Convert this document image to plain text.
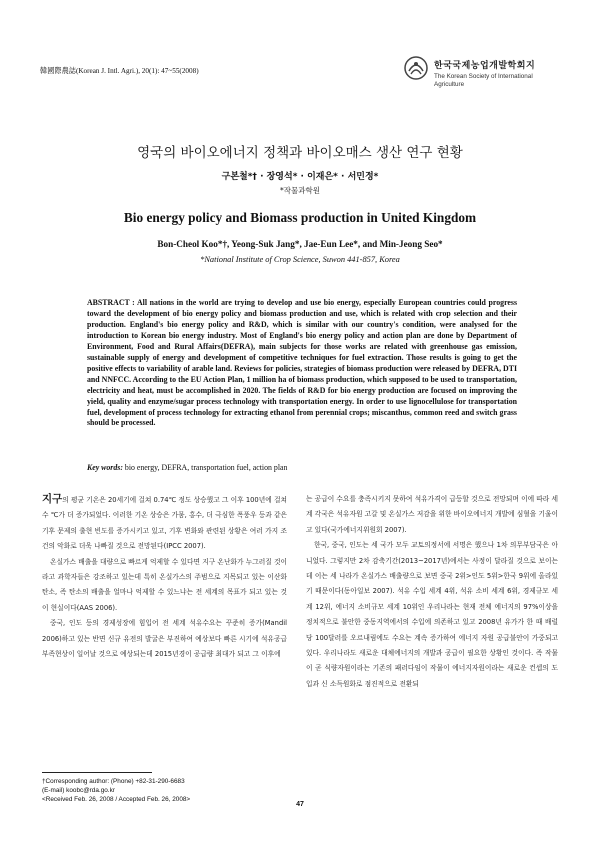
韓國際農誌(Korean J. Intl. Agri.), 20(1): 47~55(2008)	한국국제농업개발학회지
The Korean Society of International
Agriculture
영국의 바이오에너지 정책과 바이오매스 생산 연구 현황
구본철*† · 장영석* · 이재은* · 서민정*
*작물과학원
Bio energy policy and Biomass production in United Kingdom
Bon-Cheol Koo*†, Yeong-Suk Jang*, Jae-Eun Lee*, and Min-Jeong Seo*
*National Institute of Crop Science, Suwon 441-857, Korea
ABSTRACT : All nations in the world are trying to develop and use bio energy, especially European countries could progress toward the development of bio energy policy and biomass production and use, which is related with crop selection and their production. England's bio energy policy and R&D, which is similar with our country's condition, were analysed for the introduction to Korean bio energy industry. Most of England's bio energy policy and action plan are done by Department of Environment, Food and Rural Affairs(DEFRA), main subjects for those works are related with greenhouse gas emission, sustainable supply of energy and development of competitive techniques for fuel extraction. Those results is going to get the positive effects to variability of arable land. Reviews for policies, strategies of biomass production were released by DEFRA, DTI and NNFCC. According to the EU Action Plan, 1 million ha of biomass production, which supposed to be used to transportation, electricity and heat, must be accomplished in 2020. The fields of R&D for bio energy production are focused on improving the yield, quality and enzyme/sugar process technology with transportation energy. In order to use lignocellulose for transportation fuel, development of process technology for extracting ethanol from perennial crops; miscanthus, common reed and switch grass should be processed.
Key words: bio energy, DEFRA, transportation fuel, action plan

지구의 평균 기온은 20세기에 걸쳐 0.74℃ 정도 상승했고 그 이후 100년에 걸쳐 수 ℃가 더 증가되었다. 이러한 기온 상승은 가뭄, 홍수, 더 극심한 폭풍우 등과 같은 기후 문제의 출현 빈도를 증가시키고 있고, 기후 변화와 관련된 상황은 여러 가지 조건의 악화로 더욱 나빠질 것으로 전망된다(IPCC 2007).

온실가스 배출을 대량으로 빠르게 억제할 수 있다면 지구 온난화가 누그러질 것이라고 과학자들은 강조하고 있는데 특히 온실가스의 주범으로 지목되고 있는 이산화탄소, 즉 탄소의 배출을 얼마나 억제할 수 있느냐는 전 세계의 목표가 되고 있는 것이 현실이다(AAS 2006).

중국, 인도 등의 경제성장에 힘입어 전 세계 석유수요는 꾸준히 증가(Mandil 2006)하고 있는 반면 신규 유전의 발굴은 부진하여 예상보다 빠른 시기에 석유공급 부족현상이 일어날 것으로 예상되는데 2015년경이 공급량 최대가 되고 그 이후에

는 공급이 수요를 충족시키지 못하여 석유가격이 급등할 것으로 전망되며 이에 따라 세계 각국은 석유자원 고갈 및 온실가스 저감을 위한 바이오에너지 개발에 심혈을 기울이고 있다(국가에너지위원회 2007).

한국, 중국, 인도는 세 국가 모두 교토의정서에 서명은 했으나 1차 의무부담국은 아니었다. 그렇지만 2차 감축기간(2013~2017년)에서는 사정이 달라질 것으로 보이는데 이는 세 나라가 온실가스 배출량으로 보면 중국 2위>인도 5위>한국 9위에 올라있기 때문이다(동아일보 2007). 석유 수입 세계 4위, 석유 소비 세계 6위, 경제규모 세계 12위, 에너지 소비규모 세계 10위인 우리나라는 현재 전체 에너지의 97%이상을 정치적으로 불안한 중동지역에서의 수입에 의존하고 있고 2008년 유가가 한 때 배럴 당 100달러를 오르내림에도 수요는 계속 증가하여 에너지 자원 공급불안이 가중되고 있다. 우리나라도 새로운 대체에너지의 개발과 공급이 필요한 상황인 것이다. 즉 작물이 곧 식량자원이라는 기존의 패러다임이 작물이 에너지자원이라는 새로운 컨셉의 도입과 신 소득원화로 점진적으로 전환되

†Corresponding author: (Phone) +82-31-290-6683
(E-mail) koobc@rda.go.kr
<Received Feb. 26, 2008 / Accepted Feb. 26, 2008>
47
